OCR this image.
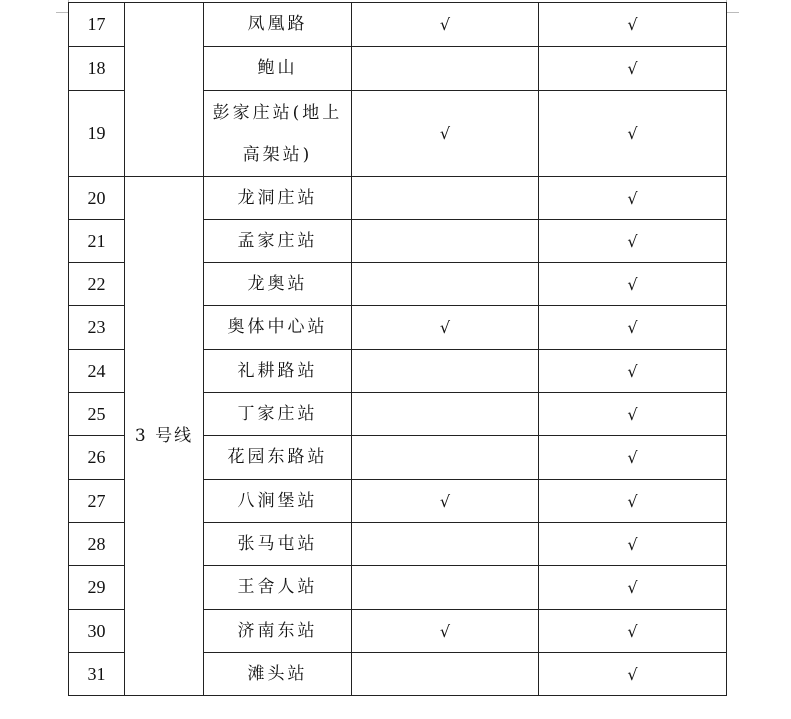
17		凤凰路	√	√
18		鲍山		√
19		彭家庄站(地上
高架站)	√	√
20	3 号线	龙洞庄站		√
21		孟家庄站		√
22		龙奥站		√
23		奥体中心站	√	√
24		礼耕路站		√
25		丁家庄站		√
26		花园东路站		√
27		八涧堡站	√	√
28		张马屯站		√
29		王舍人站		√
30		济南东站	√	√
31		滩头站		√
